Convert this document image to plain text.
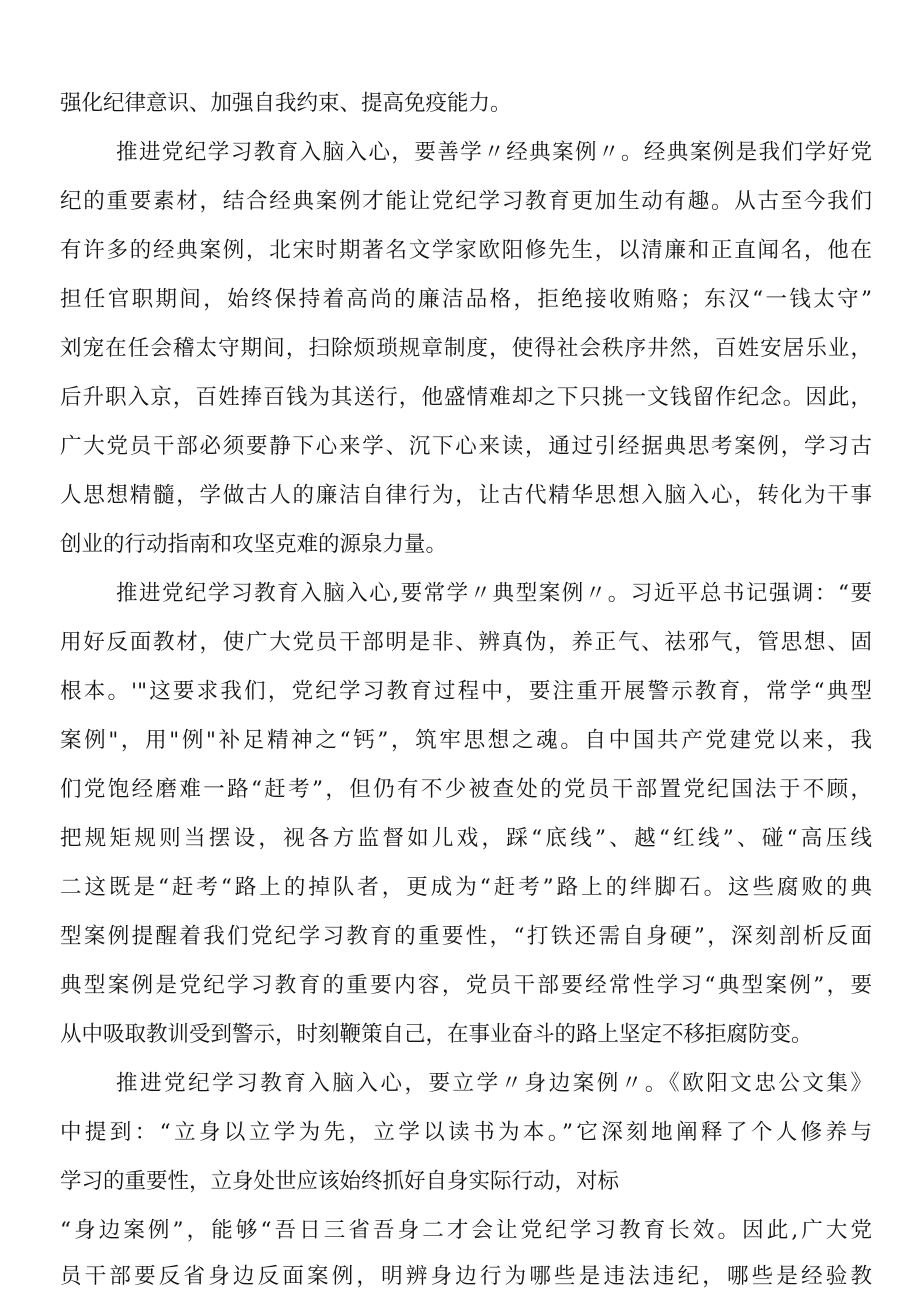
强化纪律意识、加强自我约束、提高免疫能力。
推进党纪学习教育入脑入心，要善学〃经典案例〃。经典案例是我们学好党
纪的重要素材，结合经典案例才能让党纪学习教育更加生动有趣。从古至今我们
有许多的经典案例，北宋时期著名文学家欧阳修先生，以清廉和正直闻名，他在
担任官职期间，始终保持着高尚的廉洁品格，拒绝接收贿赂；东汉“一钱太守”
刘宠在任会稽太守期间，扫除烦琐规章制度，使得社会秩序井然，百姓安居乐业，
后升职入京，百姓捧百钱为其送行，他盛情难却之下只挑一文钱留作纪念。因此，
广大党员干部必须要静下心来学、沉下心来读，通过引经据典思考案例，学习古
人思想精髓，学做古人的廉洁自律行为，让古代精华思想入脑入心，转化为干事
创业的行动指南和攻坚克难的源泉力量。
推进党纪学习教育入脑入心,要常学〃典型案例〃。习近平总书记强调：“要
用好反面教材，使广大党员干部明是非、辨真伪，养正气、祛邪气，管思想、固
根本。'"这要求我们，党纪学习教育过程中，要注重开展警示教育，常学“典型
案例"，用"例"补足精神之“钙”，筑牢思想之魂。自中国共产党建党以来，我
们党饱经磨难一路“赶考”，但仍有不少被查处的党员干部置党纪国法于不顾，
把规矩规则当摆设，视各方监督如儿戏，踩“底线”、越“红线”、碰“高压线
二这既是“赶考“路上的掉队者，更成为“赶考”路上的绊脚石。这些腐败的典
型案例提醒着我们党纪学习教育的重要性，“打铁还需自身硬”，深刻剖析反面
典型案例是党纪学习教育的重要内容，党员干部要经常性学习“典型案例”，要
从中吸取教训受到警示，时刻鞭策自己，在事业奋斗的路上坚定不移拒腐防变。
推进党纪学习教育入脑入心，要立学〃身边案例〃。《欧阳文忠公文集》
中提到：“立身以立学为先，立学以读书为本。”它深刻地阐释了个人修养与
学习的重要性，立身处世应该始终抓好自身实际行动，对标
“身边案例”，能够“吾日三省吾身二才会让党纪学习教育长效。因此,广大党
员干部要反省身边反面案例，明辨身边行为哪些是违法违纪，哪些是经验教
